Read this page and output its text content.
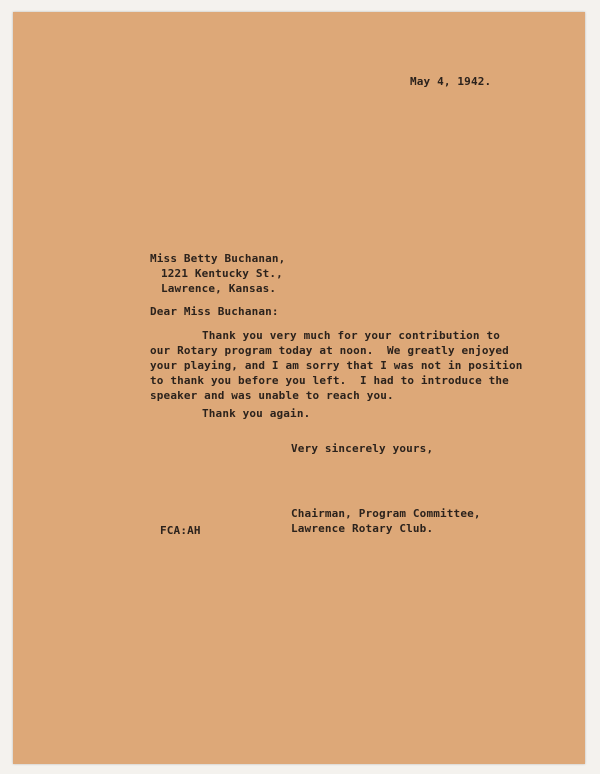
May 4, 1942.

Miss Betty Buchanan,

1221 Kentucky St.,

Lawrence, Kansas.

Dear Miss Buchanan:

Thank you very much for your contribution to

our Rotary program today at noon.  We greatly enjoyed

your playing, and I am sorry that I was not in position

to thank you before you left.  I had to introduce the

speaker and was unable to reach you.

Thank you again.

Very sincerely yours,

Chairman, Program Committee,

Lawrence Rotary Club.

FCA:AH
